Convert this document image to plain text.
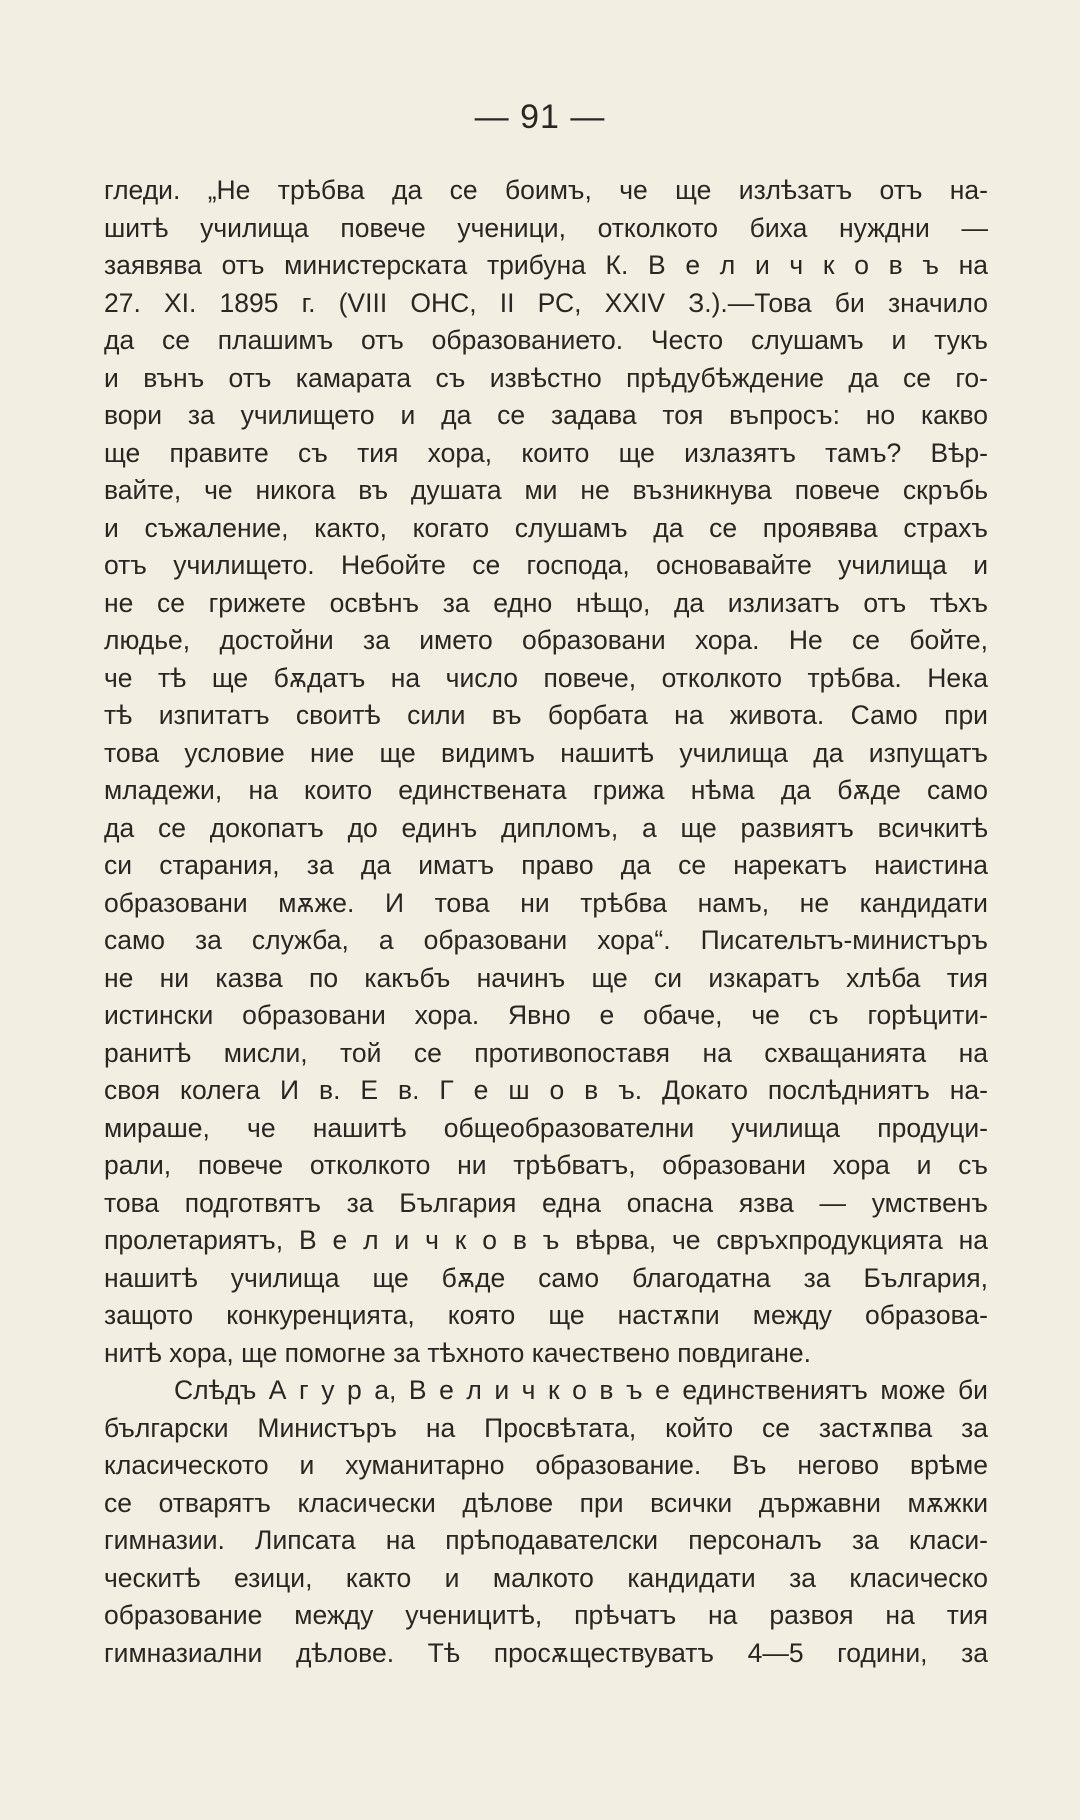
— 91 —
гледи. „Не трѣбва да се боимъ, че ще излѣзатъ отъ на-
шитѣ училища повече ученици, отколкото биха нуждни —
заявява отъ министерската трибуна К. В е л и ч к о в ъ на
27. XI. 1895 г. (VIII ОНС, II РС, XXIV З.).—Това би значило
да се плашимъ отъ образованието. Често слушамъ и тукъ
и вънъ отъ камарата съ извѣстно прѣдубѣждение да се го-
вори за училището и да се задава тоя въпросъ: но какво
ще правите съ тия хора, които ще излазятъ тамъ? Вѣр-
вайте, че никога въ душата ми не възникнува повече скръбь
и съжаление, както, когато слушамъ да се проявява страхъ
отъ училището. Небойте се господа, основавайте училища и
не се грижете освѣнъ за едно нѣщо, да излизатъ отъ тѣхъ
людье, достойни за името образовани хора. Не се бойте,
че тѣ ще бѫдатъ на число повече, отколкото трѣбва. Нека
тѣ изпитатъ своитѣ сили въ борбата на живота. Само при
това условие ние ще видимъ нашитѣ училища да изпущатъ
младежи, на които единствената грижа нѣма да бѫде само
да се докопатъ до единъ дипломъ, а ще развиятъ всичкитѣ
си старания, за да иматъ право да се нарекатъ наистина
образовани мѫже. И това ни трѣбва намъ, не кандидати
само за служба, а образовани хора“. Писательтъ-министъръ
не ни казва по какъбъ начинъ ще си изкаратъ хлѣба тия
истински образовани хора. Явно е обаче, че съ горѣцити-
ранитѣ мисли, той се противопоставя на схващанията на
своя колега И в. Е в. Г е ш о в ъ. Докато послѣдниятъ на-
мираше, че нашитѣ общеобразователни училища продуци-
рали, повече отколкото ни трѣбватъ, образовани хора и съ
това подготвятъ за България една опасна язва — умственъ
пролетариятъ, В е л и ч к о в ъ вѣрва, че свръхпродукцията на
нашитѣ училища ще бѫде само благодатна за България,
защото конкуренцията, която ще настѫпи между образова-
нитѣ хора, ще помогне за тѣхното качествено повдигане.
Слѣдъ А г у р а, В е л и ч к о в ъ е единствениятъ може би
български Министъръ на Просвѣтата, който се застѫпва за
класическото и хуманитарно образование. Въ негово врѣме
се отварятъ класически дѣлове при всички държавни мѫжки
гимназии. Липсата на прѣподавателски персоналъ за класи-
ческитѣ езици, както и малкото кандидати за класическо
образование между ученицитѣ, прѣчатъ на развоя на тия
гимназиални дѣлове. Тѣ просѫществуватъ 4—5 години, за
